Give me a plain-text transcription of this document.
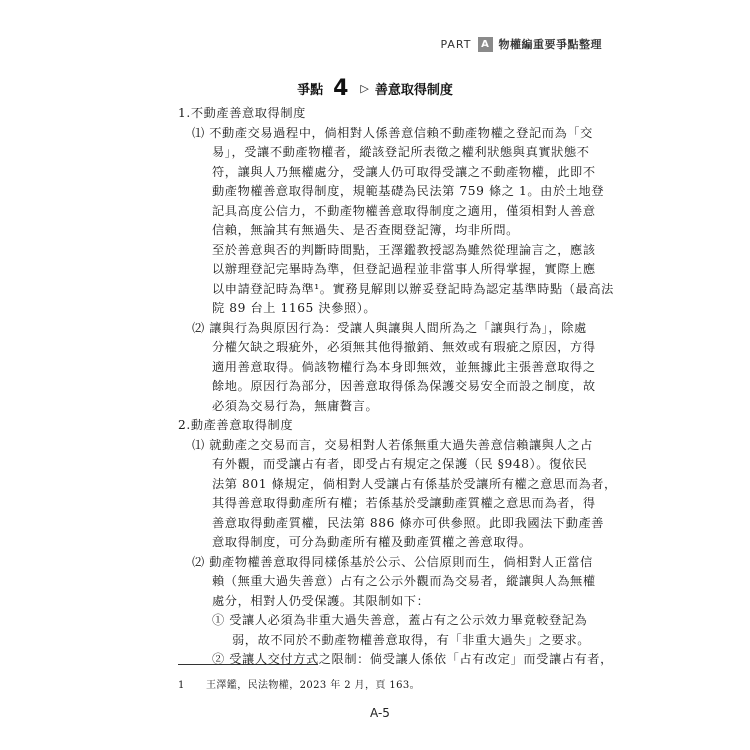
PART A 物權編重要爭點整理
爭點 4 ▷ 善意取得制度
1.不動產善意取得制度
⑴ 不動產交易過程中，倘相對人係善意信賴不動產物權之登記而為「交
易」，受讓不動產物權者，縱該登記所表徵之權利狀態與真實狀態不
符，讓與人乃無權處分，受讓人仍可取得受讓之不動產物權，此即不
動產物權善意取得制度，規範基礎為民法第 759 條之 1。由於土地登
記具高度公信力，不動產物權善意取得制度之適用，僅須相對人善意
信賴，無論其有無過失、是否查閱登記簿，均非所問。
至於善意與否的判斷時間點，王澤鑑教授認為雖然從理論言之，應該
以辦理登記完畢時為準，但登記過程並非當事人所得掌握，實際上應
以申請登記時為準¹。實務見解則以辦妥登記時為認定基準時點（最高法
院 89 台上 1165 決參照）。
⑵ 讓與行為與原因行為：受讓人與讓與人間所為之「讓與行為」，除處
分權欠缺之瑕疵外，必須無其他得撤銷、無效或有瑕疵之原因，方得
適用善意取得。倘該物權行為本身即無效，並無據此主張善意取得之
餘地。原因行為部分，因善意取得係為保護交易安全而設之制度，故
必須為交易行為，無庸贅言。
2.動產善意取得制度
⑴ 就動產之交易而言，交易相對人若係無重大過失善意信賴讓與人之占
有外觀，而受讓占有者，即受占有規定之保護（民 §948）。復依民
法第 801 條規定，倘相對人受讓占有係基於受讓所有權之意思而為者，
其得善意取得動產所有權；若係基於受讓動產質權之意思而為者，得
善意取得動產質權，民法第 886 條亦可供參照。此即我國法下動產善
意取得制度，可分為動產所有權及動產質權之善意取得。
⑵ 動產物權善意取得同樣係基於公示、公信原則而生，倘相對人正當信
賴（無重大過失善意）占有之公示外觀而為交易者，縱讓與人為無權
處分，相對人仍受保護。其限制如下：
① 受讓人必須為非重大過失善意，蓋占有之公示效力畢竟較登記為
弱，故不同於不動產物權善意取得，有「非重大過失」之要求。
② 受讓人交付方式之限制：倘受讓人係依「占有改定」而受讓占有者，
1 王澤鑑，民法物權，2023 年 2 月，頁 163。
A-5
